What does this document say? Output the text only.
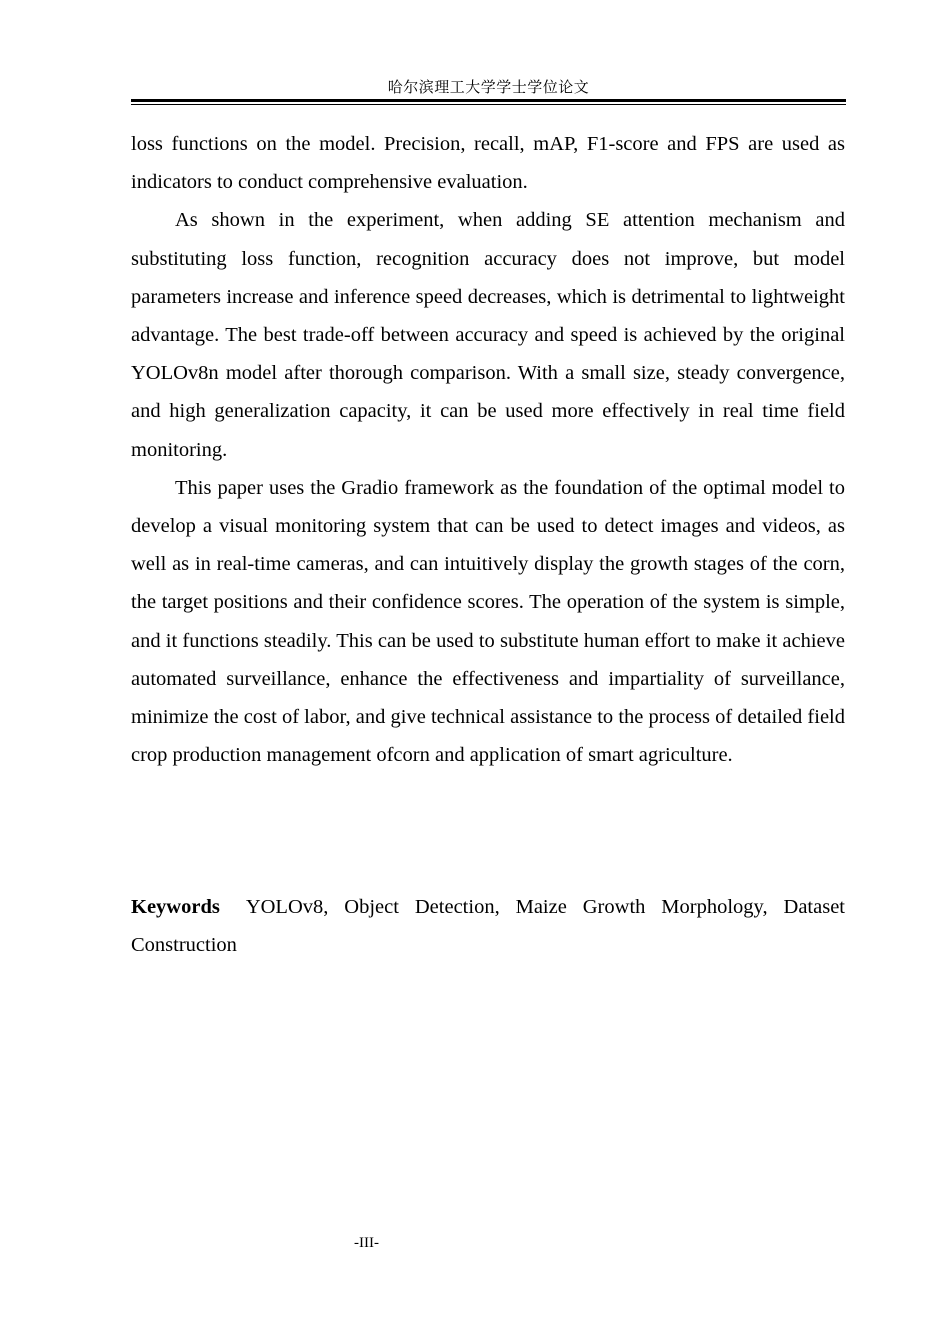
哈尔滨理工大学学士学位论文

loss functions on the model. Precision, recall, mAP, F1-score and FPS are used as indicators to conduct comprehensive evaluation.

As shown in the experiment, when adding SE attention mechanism and substituting loss function, recognition accuracy does not improve, but model parameters increase and inference speed decreases, which is detrimental to lightweight advantage. The best trade-off between accuracy and speed is achieved by the original YOLOv8n model after thorough comparison. With a small size, steady convergence, and high generalization capacity, it can be used more effectively in real time field monitoring.

This paper uses the Gradio framework as the foundation of the optimal model to develop a visual monitoring system that can be used to detect images and videos, as well as in real-time cameras, and can intuitively display the growth stages of the corn, the target positions and their confidence scores. The operation of the system is simple, and it functions steadily. This can be used to substitute human effort to make it achieve automated surveillance, enhance the effectiveness and impartiality of surveillance, minimize the cost of labor, and give technical assistance to the process of detailed field crop production management ofcorn and application of smart agriculture.

Keywords YOLOv8, Object Detection, Maize Growth Morphology, Dataset Construction
-III-
